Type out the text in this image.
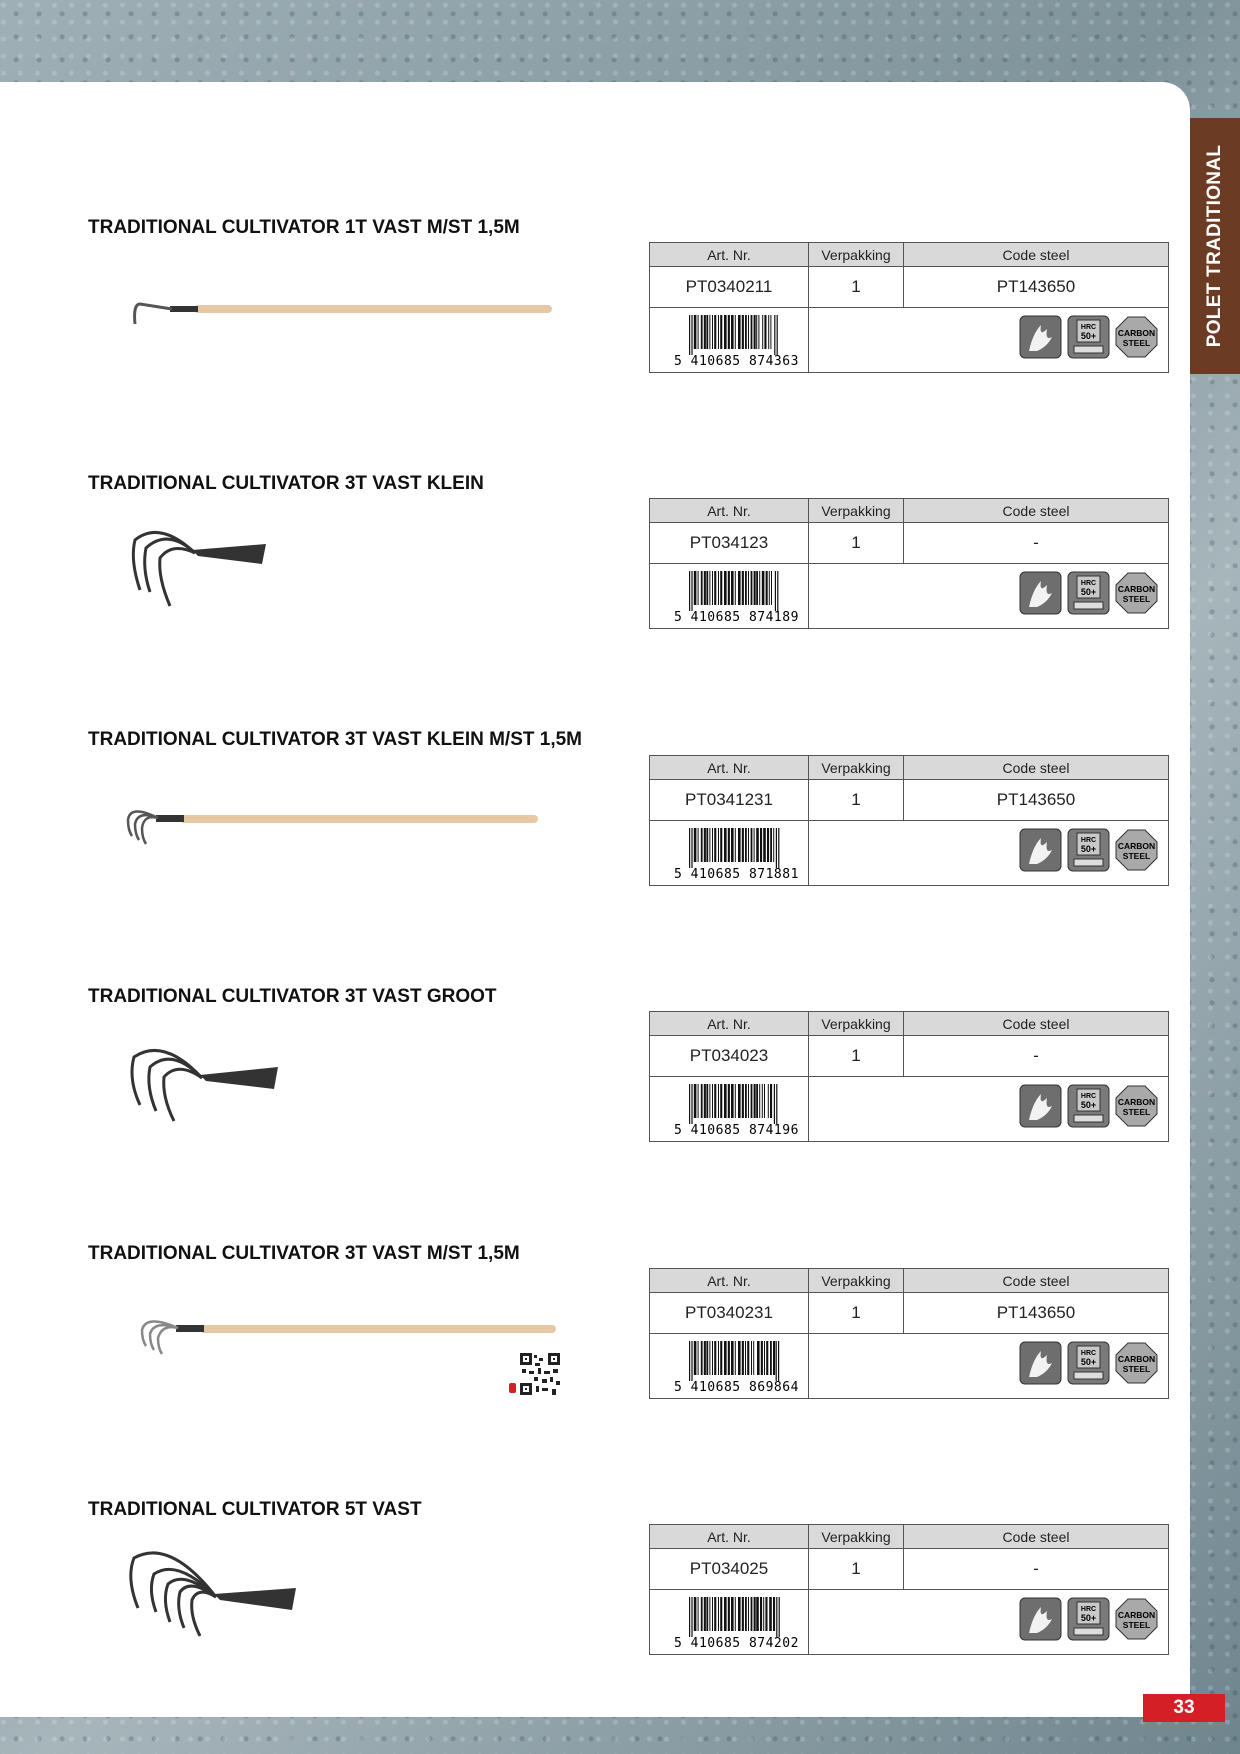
POLET TRADITIONAL
TRADITIONAL CULTIVATOR 1T VAST M/ST 1,5M
Art. Nr.	Verpakking	Code steel
PT0340211	1	PT143650
5 410685 874363
HRC
50+	CARBON
STEEL
TRADITIONAL CULTIVATOR 3T VAST KLEIN
Art. Nr.	Verpakking	Code steel
PT034123	1	-
5 410685 874189
HRC
50+	CARBON
STEEL
TRADITIONAL CULTIVATOR 3T VAST KLEIN M/ST 1,5M
Art. Nr.	Verpakking	Code steel
PT0341231	1	PT143650
5 410685 871881
HRC
50+	CARBON
STEEL
TRADITIONAL CULTIVATOR 3T VAST GROOT
Art. Nr.	Verpakking	Code steel
PT034023	1	-
5 410685 874196
HRC
50+	CARBON
STEEL
TRADITIONAL CULTIVATOR 3T VAST M/ST 1,5M
Art. Nr.	Verpakking	Code steel
PT0340231	1	PT143650
5 410685 869864
HRC
50+	CARBON
STEEL
TRADITIONAL CULTIVATOR 5T VAST
Art. Nr.	Verpakking	Code steel
PT034025	1	-
5 410685 874202
HRC
50+	CARBON
STEEL
33
